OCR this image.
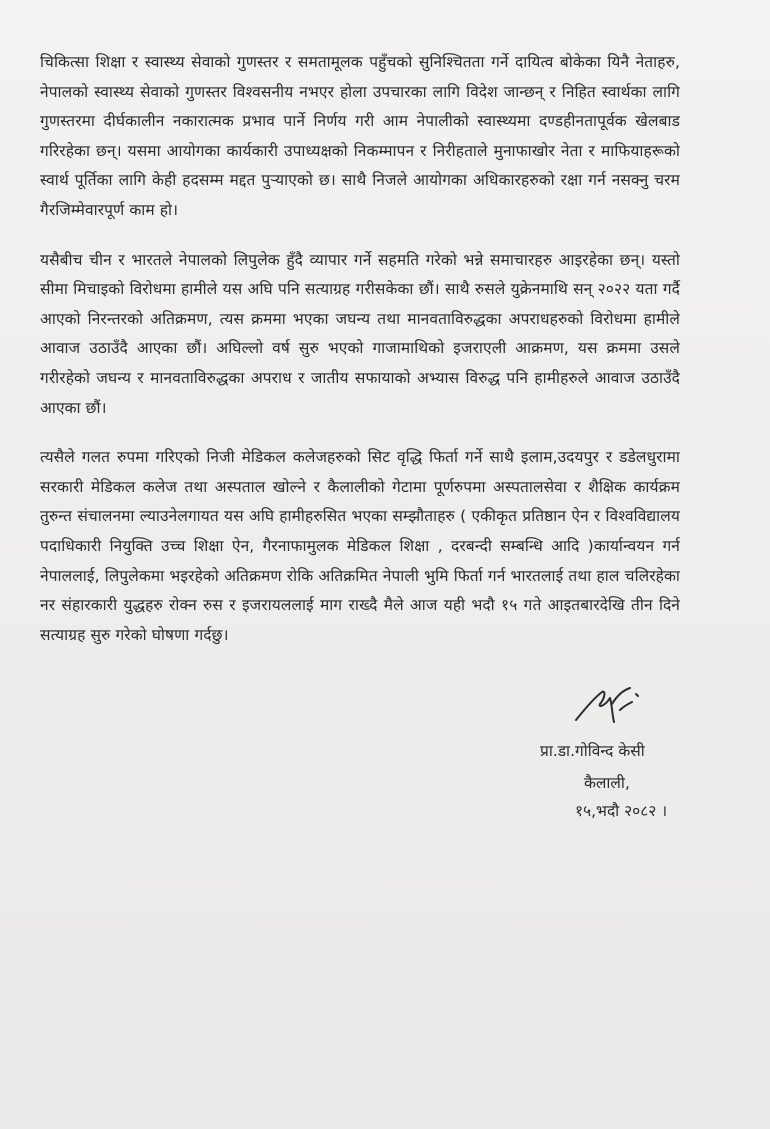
चिकित्सा शिक्षा र स्वास्थ्य सेवाको गुणस्तर र समतामूलक पहुँचको सुनिश्चितता गर्ने दायित्व बोकेका यिनै नेताहरु, नेपालको स्वास्थ्य सेवाको गुणस्तर विश्वसनीय नभएर होला उपचारका लागि विदेश जान्छन् र निहित स्वार्थका लागि गुणस्तरमा दीर्घकालीन नकारात्मक प्रभाव पार्ने निर्णय गरी आम नेपालीको स्वास्थ्यमा दण्डहीनतापूर्वक खेलबाड गरिरहेका छन्। यसमा आयोगका कार्यकारी उपाध्यक्षको निकम्मापन र निरीहताले मुनाफाखोर नेता र माफियाहरूको स्वार्थ पूर्तिका लागि केही हदसम्म मद्दत पुर्‍याएको छ। साथै निजले आयोगका अधिकारहरुको रक्षा गर्न नसक्नु चरम गैरजिम्मेवारपूर्ण काम हो।

यसैबीच चीन र भारतले नेपालको लिपुलेक हुँदै व्यापार गर्ने सहमति गरेको भन्ने समाचारहरु आइरहेका छन्। यस्तो सीमा मिचाइको विरोधमा हामीले यस अघि पनि सत्याग्रह गरीसकेका छौं। साथै रुसले युक्रेनमाथि सन् २०२२ यता गर्दै आएको निरन्तरको अतिक्रमण, त्यस क्रममा भएका जघन्य तथा मानवताविरुद्धका अपराधहरुको विरोधमा हामीले आवाज उठाउँदै आएका छौं। अघिल्लो वर्ष सुरु भएको गाजामाथिको इजराएली आक्रमण, यस क्रममा उसले गरीरहेको जघन्य र मानवताविरुद्धका अपराध र जातीय सफायाको अभ्यास विरुद्ध पनि हामीहरुले आवाज उठाउँदै आएका छौं।

त्यसैले गलत रुपमा गरिएको निजी मेडिकल कलेजहरुको सिट वृद्धि फिर्ता गर्ने साथै इलाम,उदयपुर र डडेलधुरामा सरकारी मेडिकल कलेज तथा अस्पताल खोल्ने र कैलालीको गेटामा पूर्णरुपमा अस्पतालसेवा र शैक्षिक कार्यक्रम तुरुन्त संचालनमा ल्याउनेलगायत यस अघि हामीहरुसित भएका सम्झौताहरु ( एकीकृत प्रतिष्ठान ऐन र विश्वविद्यालय पदाधिकारी नियुक्ति उच्च शिक्षा ऐन, गैरनाफामुलक मेडिकल शिक्षा , दरबन्दी सम्बन्धि आदि )कार्यान्वयन गर्न नेपाललाई, लिपुलेकमा भइरहेको अतिक्रमण रोकि अतिक्रमित नेपाली भुमि फिर्ता गर्न भारतलाई तथा हाल चलिरहेका नर संहारकारी युद्धहरु रोक्न रुस र इजरायललाई माग राख्दै मैले आज यही भदौ १५ गते आइतबारदेखि तीन दिने सत्याग्रह सुरु गरेको घोषणा गर्दछु।

प्रा.डा.गोविन्द केसी
कैलाली,
१५,भदौ २०८२ ।
